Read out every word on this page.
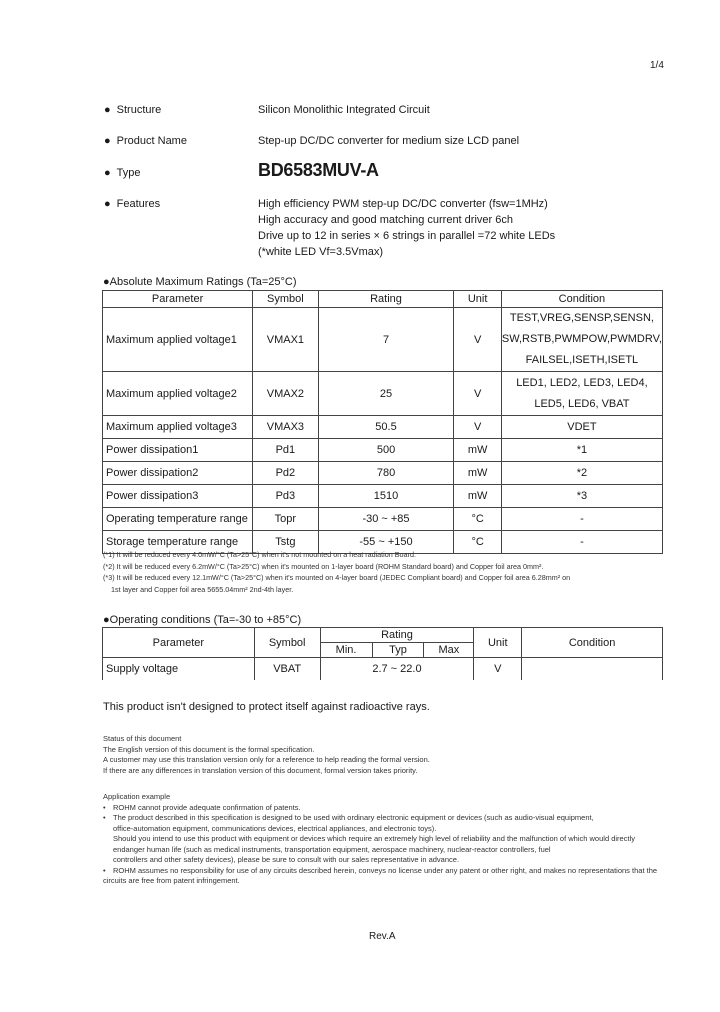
1/4
● Structure	Silicon Monolithic Integrated Circuit
● Product Name	Step-up DC/DC converter for medium size LCD panel
● Type	BD6583MUV-A
● Features	High efficiency PWM step-up DC/DC converter (fsw=1MHz)
High accuracy and good matching current driver 6ch
Drive up to 12 in series × 6 strings in parallel =72 white LEDs
(*white LED Vf=3.5Vmax)
●Absolute Maximum Ratings (Ta=25°C)
Parameter	Symbol	Rating	Unit	Condition
Maximum applied voltage1	VMAX1	7	V	TEST,VREG,SENSP,SENSN,
SW,RSTB,PWMPOW,PWMDRV,
FAILSEL,ISETH,ISETL

Maximum applied voltage2	VMAX2	25	V	LED1, LED2, LED3, LED4,
LED5, LED6, VBAT

Maximum applied voltage3	VMAX3	50.5	V	VDET
Power dissipation1	Pd1	500	mW	*1
Power dissipation2	Pd2	780	mW	*2
Power dissipation3	Pd3	1510	mW	*3
Operating temperature range	Topr	-30 ~ +85	°C	-
Storage temperature range	Tstg	-55 ~ +150	°C	-
(*1) It will be reduced every 4.0mW/°C (Ta>25°C) when it's not mounted on a heat radiation Board.
(*2) It will be reduced every 6.2mW/°C (Ta>25°C) when it's mounted on 1-layer board (ROHM Standard board) and Copper foil area 0mm².
(*3) It will be reduced every 12.1mW/°C (Ta>25°C) when it's mounted on 4-layer board (JEDEC Compliant board) and Copper foil area 6.28mm² on
1st layer and Copper foil area 5655.04mm² 2nd-4th layer.
●Operating conditions (Ta=-30 to +85°C)
Parameter	Symbol	Rating			Unit	Condition
		Min.	Typ	Max		
Supply voltage	VBAT	2.7 ~ 22.0			V	
This product isn't designed to protect itself against radioactive rays.
Status of this document
The English version of this document is the formal specification.
A customer may use this translation version only for a reference to help reading the formal version.
If there are any differences in translation version of this document, formal version takes priority.
Application example
• ROHM cannot provide adequate confirmation of patents.
• The product described in this specification is designed to be used with ordinary electronic equipment or devices (such as audio-visual equipment,
office-automation equipment, communications devices, electrical appliances, and electronic toys).
Should you intend to use this product with equipment or devices which require an extremely high level of reliability and the malfunction of which would directly endanger human life (such as medical instruments, transportation equipment, aerospace machinery, nuclear-reactor controllers, fuel
controllers and other safety devices), please be sure to consult with our sales representative in advance.
• ROHM assumes no responsibility for use of any circuits described herein, conveys no license under any patent or other right, and makes no representations that the circuits are free from patent infringement.
Rev.A
